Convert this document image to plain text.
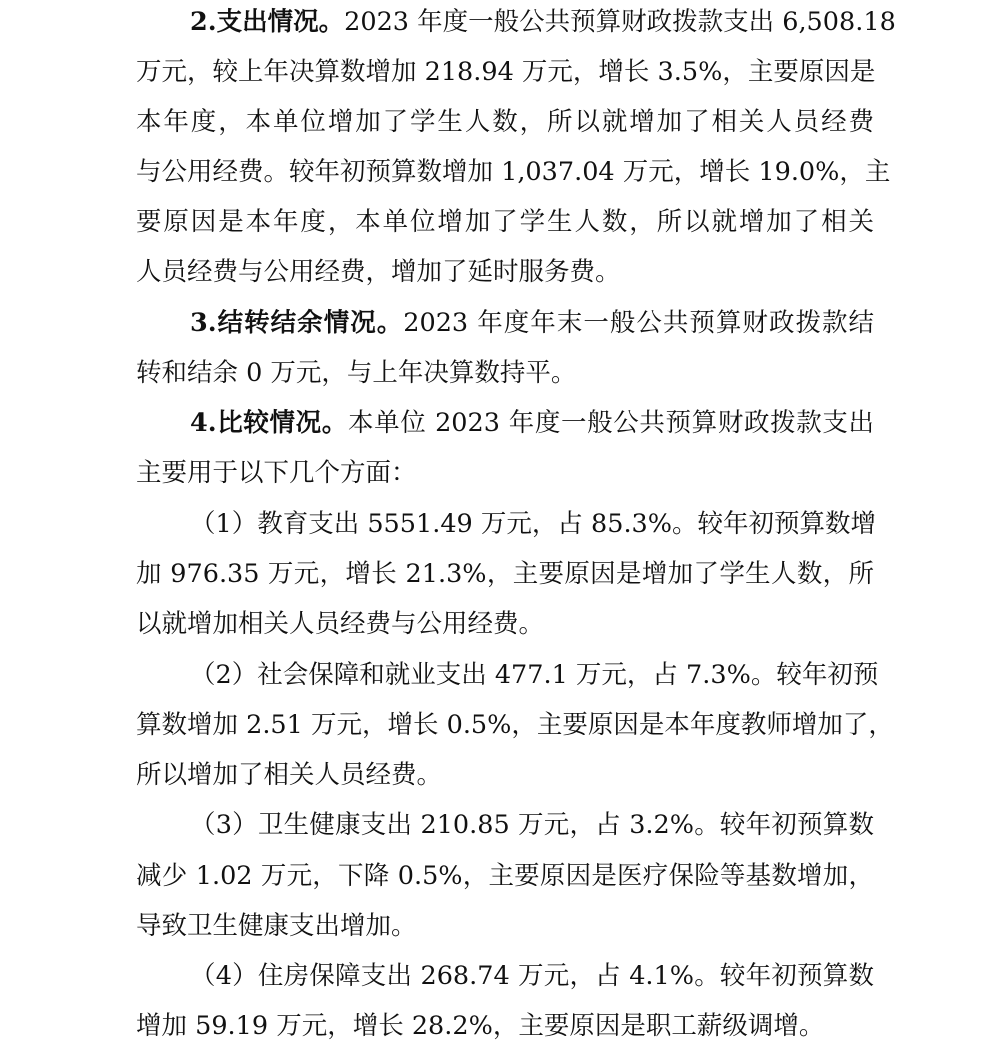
2.支出情况。2023 年度一般公共预算财政拨款支出 6,508.18
万元，较上年决算数增加 218.94 万元，增长 3.5%，主要原因是
本年度，本单位增加了学生人数，所以就增加了相关人员经费
与公用经费。较年初预算数增加 1,037.04 万元，增长 19.0%，主
要原因是本年度，本单位增加了学生人数，所以就增加了相关
人员经费与公用经费，增加了延时服务费。
3.结转结余情况。2023 年度年末一般公共预算财政拨款结
转和结余 0 万元，与上年决算数持平。
4.比较情况。本单位 2023 年度一般公共预算财政拨款支出
主要用于以下几个方面：
（1）教育支出 5551.49 万元，占 85.3%。较年初预算数增
加 976.35 万元，增长 21.3%，主要原因是增加了学生人数，所
以就增加相关人员经费与公用经费。
（2）社会保障和就业支出 477.1 万元，占 7.3%。较年初预
算数增加 2.51 万元，增长 0.5%，主要原因是本年度教师增加了，
所以增加了相关人员经费。
（3）卫生健康支出 210.85 万元，占 3.2%。较年初预算数
减少 1.02 万元，下降 0.5%，主要原因是医疗保险等基数增加，
导致卫生健康支出增加。
（4）住房保障支出 268.74 万元，占 4.1%。较年初预算数
增加 59.19 万元，增长 28.2%，主要原因是职工薪级调增。
